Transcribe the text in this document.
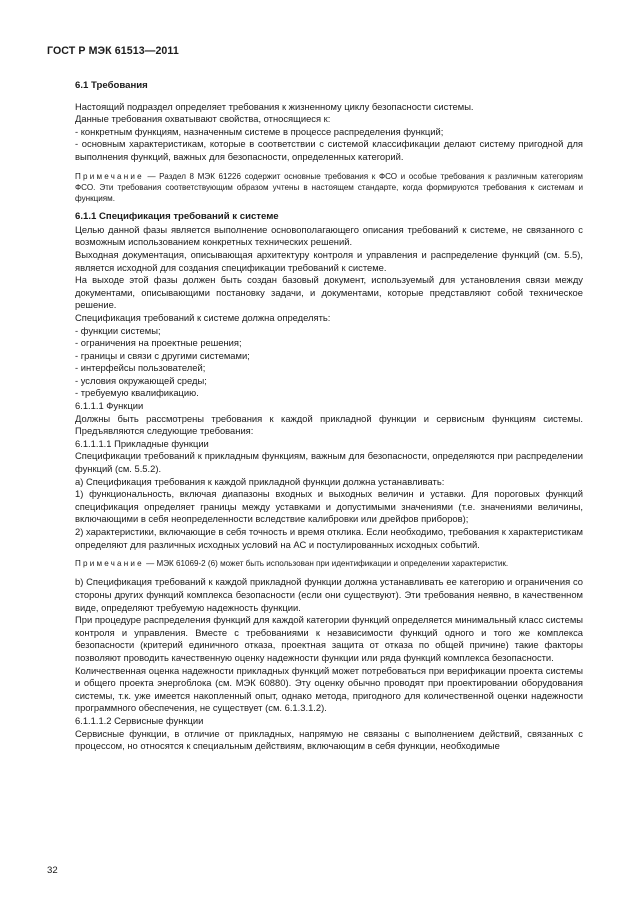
ГОСТ Р МЭК 61513—2011
6.1 Требования

Настоящий подраздел определяет требования к жизненному циклу безопасности системы.

Данные требования охватывают свойства, относящиеся к:

- конкретным функциям, назначенным системе в процессе распределения функций;

- основным характеристикам, которые в соответствии с системой классификации делают систему пригодной для выполнения функций, важных для безопасности, определенных категорий.

Примечание — Раздел 8 МЭК 61226 содержит основные требования к ФСО и особые требования к различным категориям ФСО. Эти требования соответствующим образом учтены в настоящем стандарте, когда формируются требования к системам и функциям.

6.1.1 Спецификация требований к системе

Целью данной фазы является выполнение основополагающего описания требований к системе, не связанного с возможным использованием конкретных технических решений.

Выходная документация, описывающая архитектуру контроля и управления и распределение функций (см. 5.5), является исходной для создания спецификации требований к системе.

На выходе этой фазы должен быть создан базовый документ, используемый для установления связи между документами, описывающими постановку задачи, и документами, которые представляют собой техническое решение.

Спецификация требований к системе должна определять:

- функции системы;

- ограничения на проектные решения;

- границы и связи с другими системами;

- интерфейсы пользователей;

- условия окружающей среды;

- требуемую квалификацию.

6.1.1.1 Функции

Должны быть рассмотрены требования к каждой прикладной функции и сервисным функциям системы. Предъявляются следующие требования:

6.1.1.1.1 Прикладные функции

Спецификации требований к прикладным функциям, важным для безопасности, определяются при распределении функций (см. 5.5.2).

а) Спецификация требования к каждой прикладной функции должна устанавливать:

1) функциональность, включая диапазоны входных и выходных величин и уставки. Для пороговых функций спецификация определяет границы между уставками и допустимыми значениями (т.е. значениями величины, включающими в себя неопределенности вследствие калибровки или дрейфов приборов);

2) характеристики, включающие в себя точность и время отклика. Если необходимо, требования к характеристикам определяют для различных исходных условий на АС и постулированных исходных событий.

Примечание — МЭК 61069-2 (6) может быть использован при идентификации и определении характеристик.

b) Спецификация требований к каждой прикладной функции должна устанавливать ее категорию и ограничения со стороны других функций комплекса безопасности (если они существуют). Эти требования неявно, в качественном виде, определяют требуемую надежность функции.

При процедуре распределения функций для каждой категории функций определяется минимальный класс системы контроля и управления. Вместе с требованиями к независимости функций одного и того же комплекса безопасности (критерий единичного отказа, проектная защита от отказа по общей причине) такие факторы позволяют проводить качественную оценку надежности функции или ряда функций комплекса безопасности.

Количественная оценка надежности прикладных функций может потребоваться при верификации проекта системы и общего проекта энергоблока (см. МЭК 60880). Эту оценку обычно проводят при проектировании оборудования системы, т.к. уже имеется накопленный опыт, однако метода, пригодного для количественной оценки надежности программного обеспечения, не существует (см. 6.1.3.1.2).

6.1.1.1.2 Сервисные функции

Сервисные функции, в отличие от прикладных, напрямую не связаны с выполнением действий, связанных с процессом, но относятся к специальным действиям, включающим в себя функции, необходимые

32
